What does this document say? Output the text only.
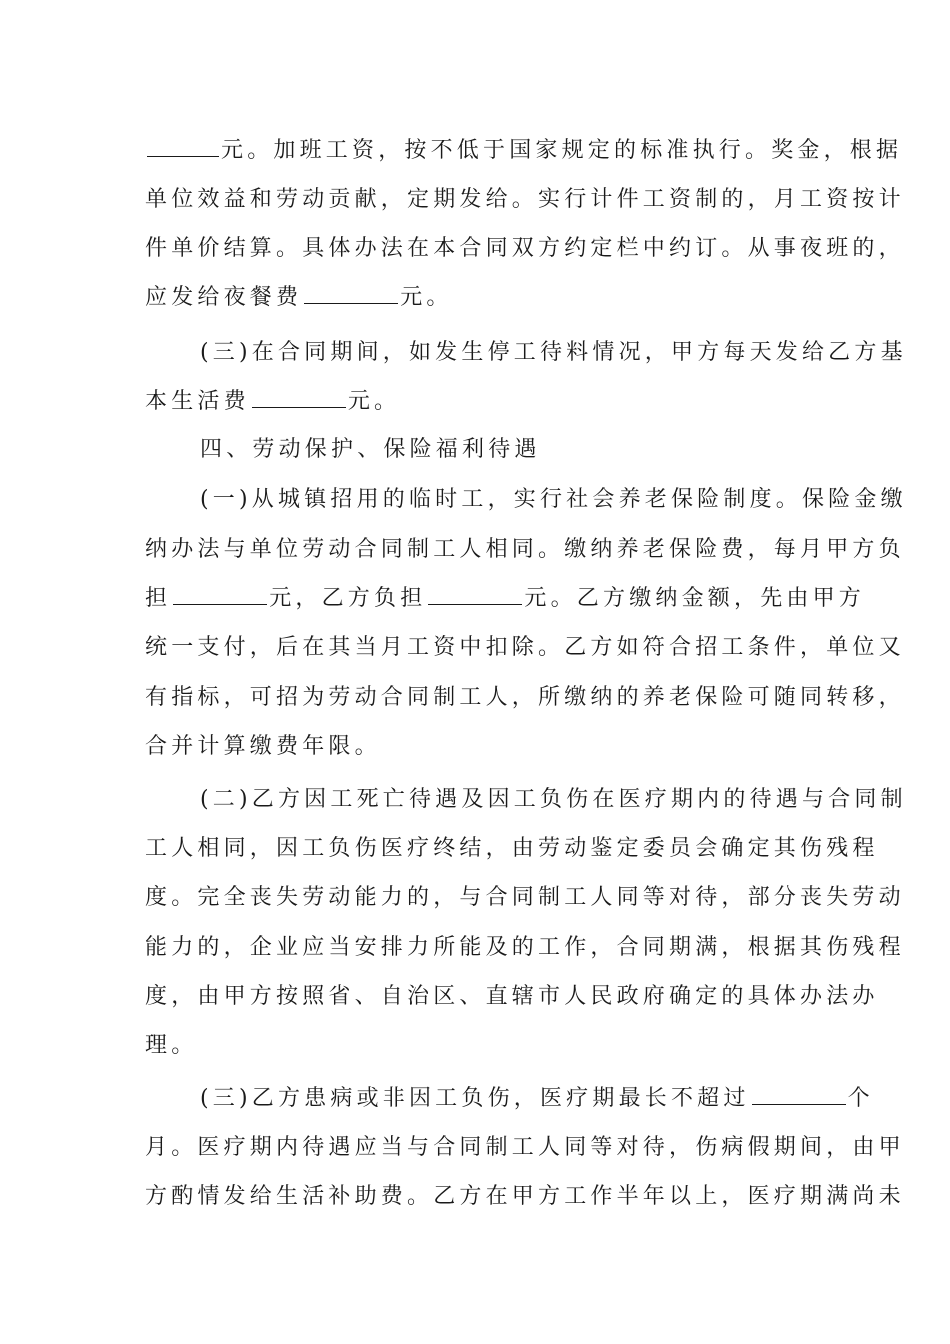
元。加班工资，按不低于国家规定的标准执行。奖金，根据
单位效益和劳动贡献，定期发给。实行计件工资制的，月工资按计
件单价结算。具体办法在本合同双方约定栏中约订。从事夜班的，
应发给夜餐费	元。
(三)在合同期间，如发生停工待料情况，甲方每天发给乙方基
本生活费	元。
四、劳动保护、保险福利待遇
(一)从城镇招用的临时工，实行社会养老保险制度。保险金缴
纳办法与单位劳动合同制工人相同。缴纳养老保险费，每月甲方负
担	元，乙方负担	元。乙方缴纳金额，先由甲方
统一支付，后在其当月工资中扣除。乙方如符合招工条件，单位又
有指标，可招为劳动合同制工人，所缴纳的养老保险可随同转移，
合并计算缴费年限。
(二)乙方因工死亡待遇及因工负伤在医疗期内的待遇与合同制
工人相同，因工负伤医疗终结，由劳动鉴定委员会确定其伤残程
度。完全丧失劳动能力的，与合同制工人同等对待，部分丧失劳动
能力的，企业应当安排力所能及的工作，合同期满，根据其伤残程
度，由甲方按照省、自治区、直辖市人民政府确定的具体办法办
理。
(三)乙方患病或非因工负伤，医疗期最长不超过	个
月。医疗期内待遇应当与合同制工人同等对待，伤病假期间，由甲
方酌情发给生活补助费。乙方在甲方工作半年以上，医疗期满尚未
